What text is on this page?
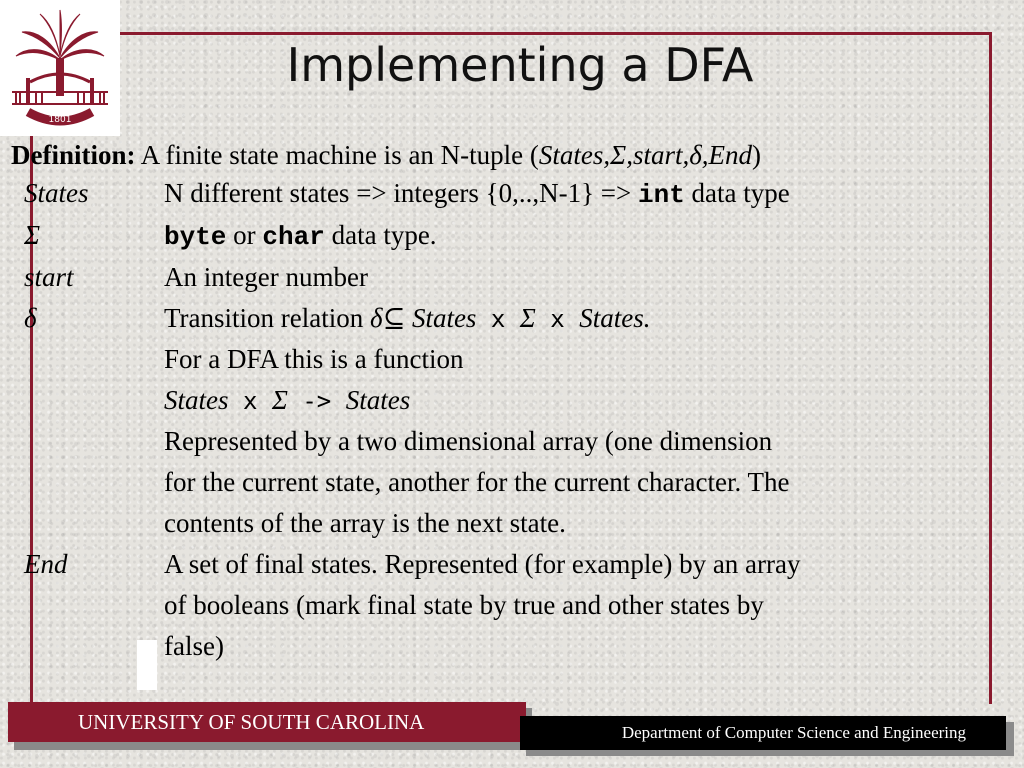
1801
Implementing a DFA
Definition: A finite state machine is an N-tuple (States,Σ,start,δ,End)
States	N different states => integers {0,..,N-1} => int data type
Σ	byte or char data type.
start	An integer number
δ	Transition relation δ⊆ States x Σ x States.
For a DFA this is a function
States x Σ -> States
Represented by a two dimensional array (one dimension
for the current state, another for the current character. The
contents of the array is the next state.
End	A set of final states. Represented (for example) by an array
of booleans (mark final state by true and other states by
false)
UNIVERSITY OF SOUTH CAROLINA	Department of Computer Science and Engineering
